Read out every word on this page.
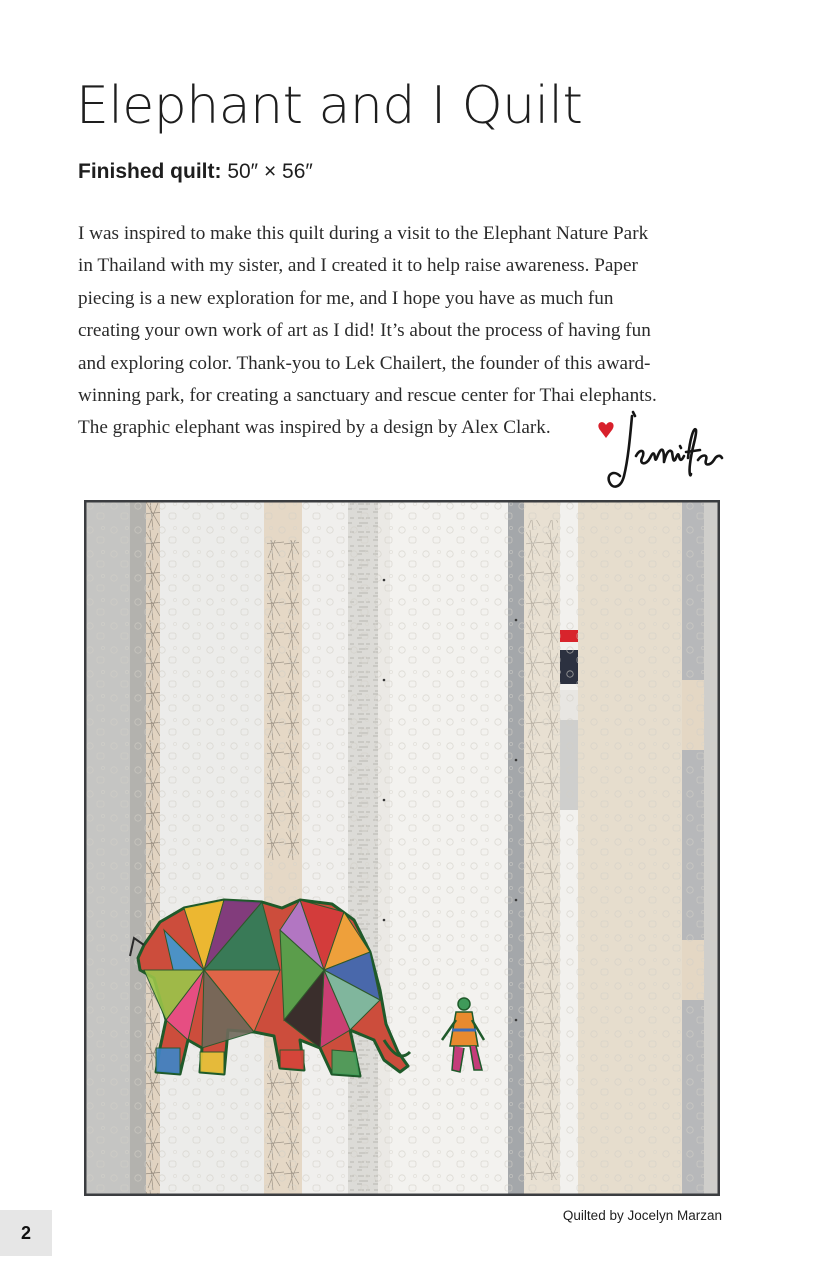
Elephant and I Quilt
Finished quilt: 50″ × 56″

I was inspired to make this quilt during a visit to the Elephant Nature Park
in Thailand with my sister, and I created it to help raise awareness. Paper
piecing is a new exploration for me, and I hope you have as much fun
creating your own work of art as I did! It’s about the process of having fun
and exploring color. Thank-you to Lek Chailert, the founder of this award-
winning park, for creating a sanctuary and rescue center for Thai elephants.
The graphic elephant was inspired by a design by Alex Clark.

Quilted by Jocelyn Marzan
2
